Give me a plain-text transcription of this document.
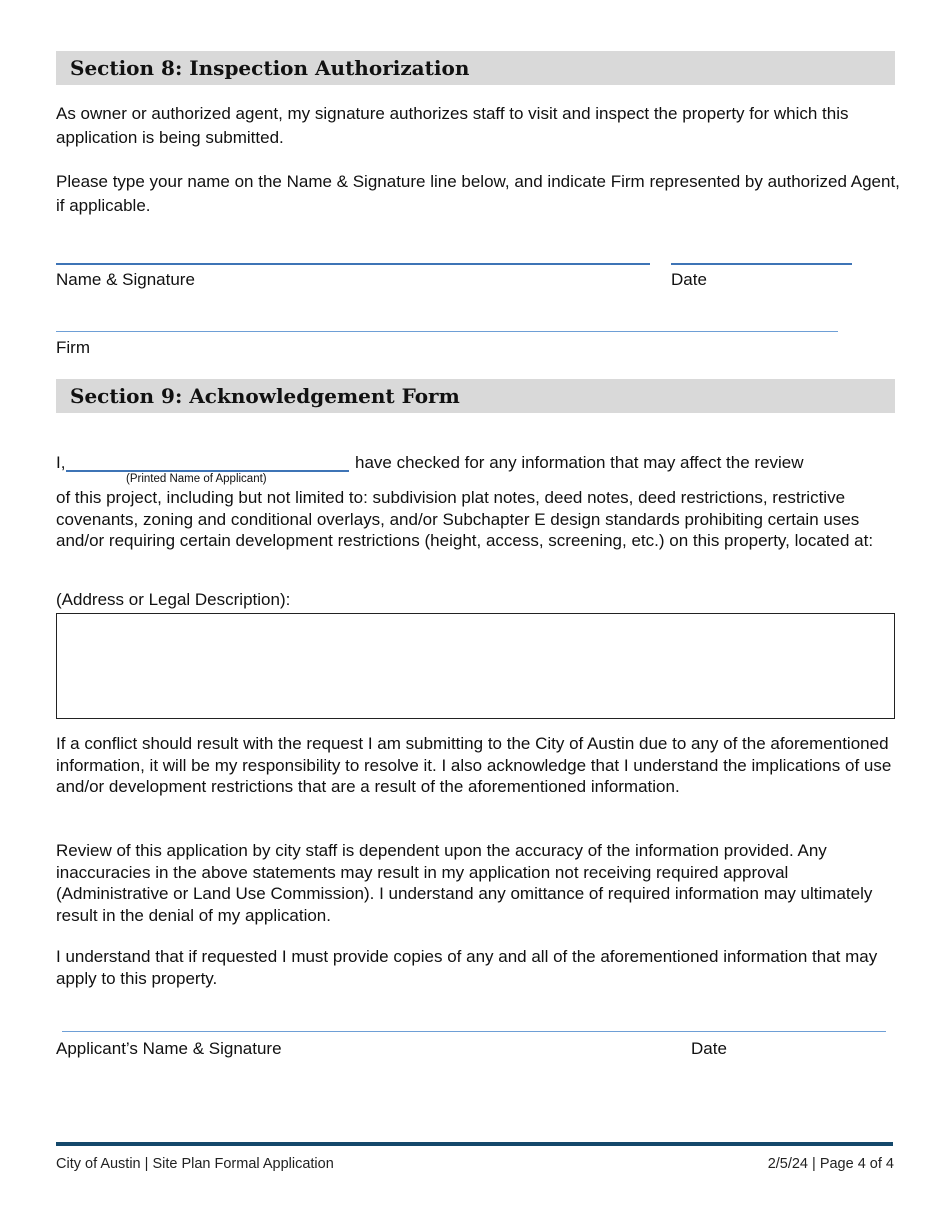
Section 8: Inspection Authorization
As owner or authorized agent, my signature authorizes staff to visit and inspect the property for which this application is being submitted.
Please type your name on the Name & Signature line below, and indicate Firm represented by authorized Agent, if applicable.
Name & Signature	Date
Firm
Section 9: Acknowledgement Form
I,
(Printed Name of Applicant)
have checked for any information that may affect the review
of this project, including but not limited to: subdivision plat notes, deed notes, deed restrictions, restrictive covenants, zoning and conditional overlays, and/or Subchapter E design standards prohibiting certain uses and/or requiring certain development restrictions (height, access, screening, etc.) on this property, located at:
(Address or Legal Description):
If a conflict should result with the request I am submitting to the City of Austin due to any of the aforementioned information, it will be my responsibility to resolve it. I also acknowledge that I understand the implications of use and/or development restrictions that are a result of the aforementioned information.
Review of this application by city staff is dependent upon the accuracy of the information provided. Any inaccuracies in the above statements may result in my application not receiving required approval (Administrative or Land Use Commission). I understand any omittance of required information may ultimately result in the denial of my application.
I understand that if requested I must provide copies of any and all of the aforementioned information that may apply to this property.
Applicant’s Name & Signature	Date
City of Austin | Site Plan Formal Application	2/5/24 | Page 4 of 4
